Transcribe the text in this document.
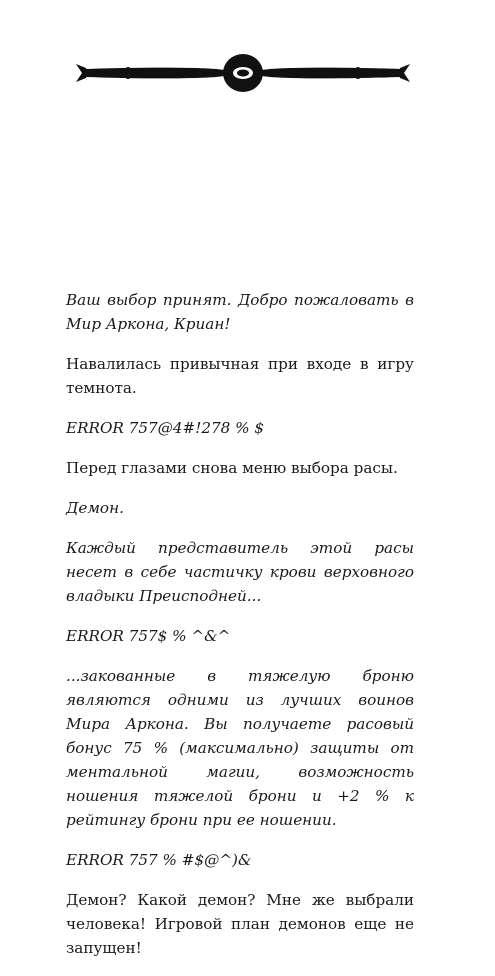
Ваш выбор принят. Добро пожаловать в Мир Аркона, Криан!

Навалилась привычная при входе в игру темнота.

ERROR 757@4#!278 % $

Перед глазами снова меню выбора расы.

Демон.

Каждый представитель этой расы несет в себе частичку крови верховного владыки Преисподней...

ERROR 757$ % ^&^

...закованные в тяжелую броню являются одними из лучших воинов Мира Аркона. Вы получаете расовый бонус 75 % (максимально) защиты от ментальной магии, возможность ношения тяжелой брони и +2 % к рейтингу брони при ее ношении.

ERROR 757 % #$@^)&

Демон? Какой демон? Мне же выбрали человека! Игровой план демонов еще не запущен!
